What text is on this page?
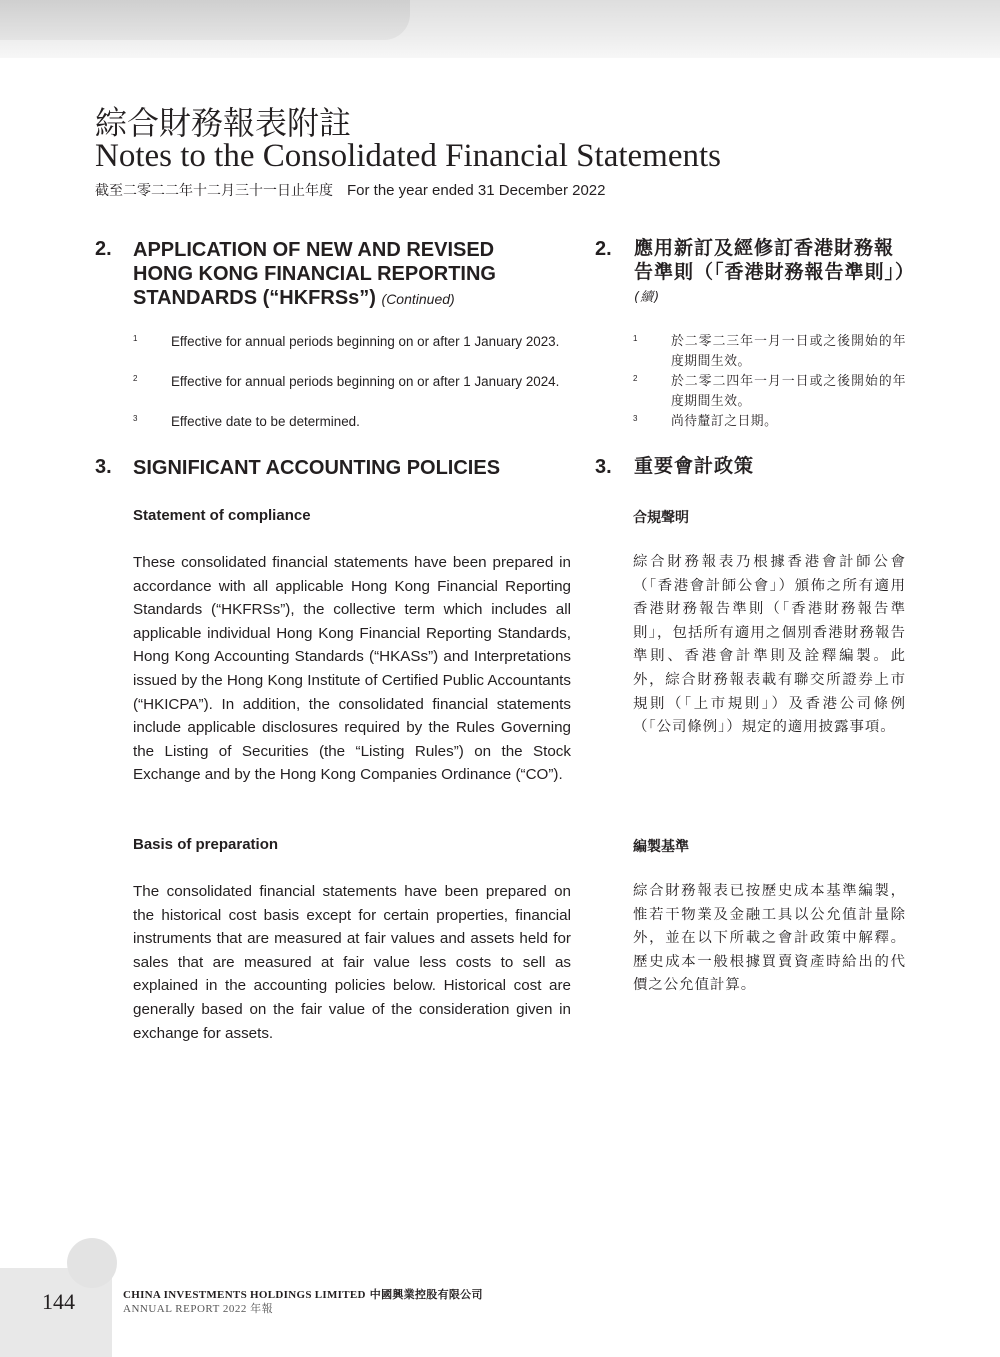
綜合財務報表附註
Notes to the Consolidated Financial Statements
截至二零二二年十二月三十一日止年度 For the year ended 31 December 2022
2. APPLICATION OF NEW AND REVISED HONG KONG FINANCIAL REPORTING STANDARDS (“HKFRSs”) (Continued)
2. 應用新訂及經修訂香港財務報告準則（「香港財務報告準則」）(續)
1	Effective for annual periods beginning on or after 1 January 2023.
2	Effective for annual periods beginning on or after 1 January 2024.
3	Effective date to be determined.
1	於二零二三年一月一日或之後開始的年度期間生效。
2	於二零二四年一月一日或之後開始的年度期間生效。
3	尚待釐訂之日期。
3. SIGNIFICANT ACCOUNTING POLICIES	3. 重要會計政策
Statement of compliance	合規聲明
These consolidated financial statements have been prepared in accordance with all applicable Hong Kong Financial Reporting Standards (“HKFRSs”), the collective term which includes all applicable individual Hong Kong Financial Reporting Standards, Hong Kong Accounting Standards (“HKASs”) and Interpretations issued by the Hong Kong Institute of Certified Public Accountants (“HKICPA”). In addition, the consolidated financial statements include applicable disclosures required by the Rules Governing the Listing of Securities (the “Listing Rules”) on the Stock Exchange and by the Hong Kong Companies Ordinance (“CO”).
綜合財務報表乃根據香港會計師公會（「香港會計師公會」）頒佈之所有適用香港財務報告準則（「香港財務報告準則」，包括所有適用之個別香港財務報告準則、香港會計準則及詮釋編製。此外，綜合財務報表載有聯交所證券上市規則（「上市規則」）及香港公司條例（「公司條例」）規定的適用披露事項。
Basis of preparation	編製基準
The consolidated financial statements have been prepared on the historical cost basis except for certain properties, financial instruments that are measured at fair values and assets held for sales that are measured at fair value less costs to sell as explained in the accounting policies below. Historical cost are generally based on the fair value of the consideration given in exchange for assets.
綜合財務報表已按歷史成本基準編製，惟若干物業及金融工具以公允值計量除外，並在以下所載之會計政策中解釋。歷史成本一般根據買賣資產時給出的代價之公允值計算。
144	CHINA INVESTMENTS HOLDINGS LIMITED 中國興業控股有限公司
ANNUAL REPORT 2022 年報
